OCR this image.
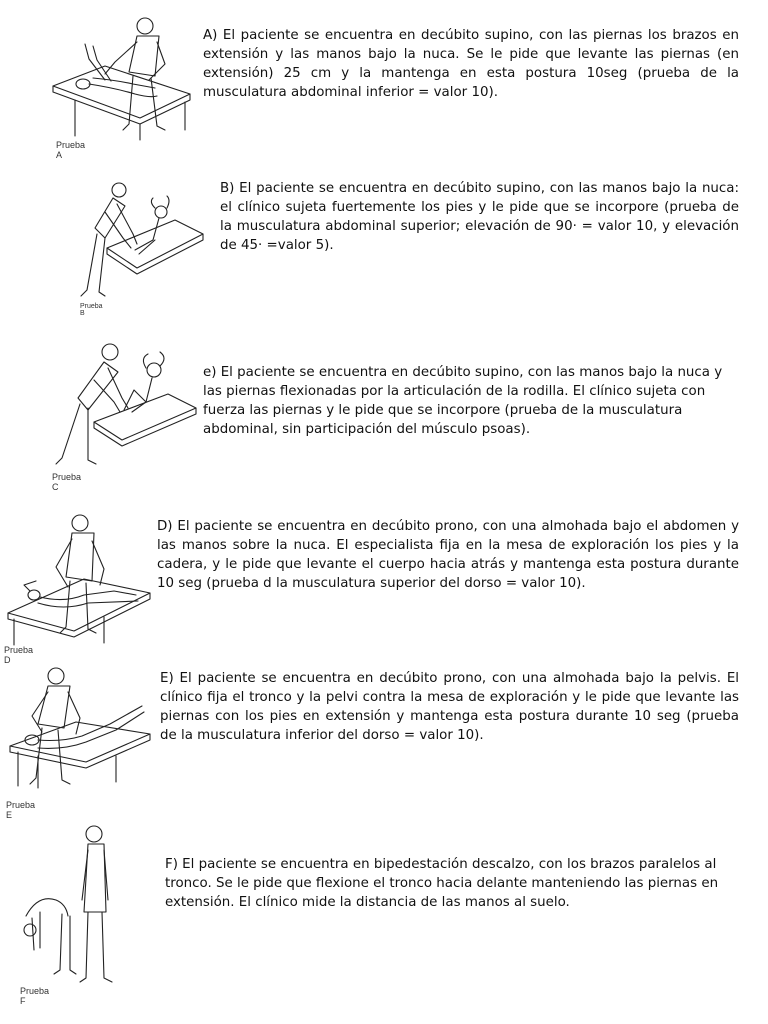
Prueba A
A) El paciente se encuentra en decúbito supino, con las piernas los brazos en extensión y las manos bajo la nuca. Se le pide que levante las piernas (en extensión) 25 cm y la mantenga en esta postura 10seg (prueba de la musculatura abdominal inferior = valor 10).
Prueba B
B) El paciente se encuentra en decúbito supino, con las manos bajo la nuca: el clínico sujeta fuertemente los pies y le pide que se incorpore (prueba de la musculatura abdominal superior; elevación de 90· = valor 10, y elevación de 45· =valor 5).
Prueba C
e) El paciente se encuentra en decúbito supino, con las manos bajo la nuca y las piernas flexionadas por la articulación de la rodilla. El clínico sujeta con fuerza las piernas y le pide que se incorpore (prueba de la musculatura abdominal, sin participación del músculo psoas).
Prueba D
D) El paciente se encuentra en decúbito prono, con una almohada bajo el abdomen y las manos sobre la nuca. El especialista fija en la mesa de exploración los pies y la cadera, y le pide que levante el cuerpo hacia atrás y mantenga esta postura durante 10 seg (prueba d la musculatura superior del dorso = valor 10).
Prueba E
E) El paciente se encuentra en decúbito prono, con una almohada bajo la pelvis. El clínico fija el tronco y la pelvi contra la mesa de exploración y le pide que levante las piernas con los pies en extensión y mantenga esta postura durante 10 seg (prueba de la musculatura inferior del dorso = valor 10).
Prueba F
F) El paciente se encuentra en bipedestación descalzo, con los brazos paralelos al tronco. Se le pide que flexione el tronco hacia delante manteniendo las piernas en extensión. El clínico mide la distancia de las manos al suelo.
